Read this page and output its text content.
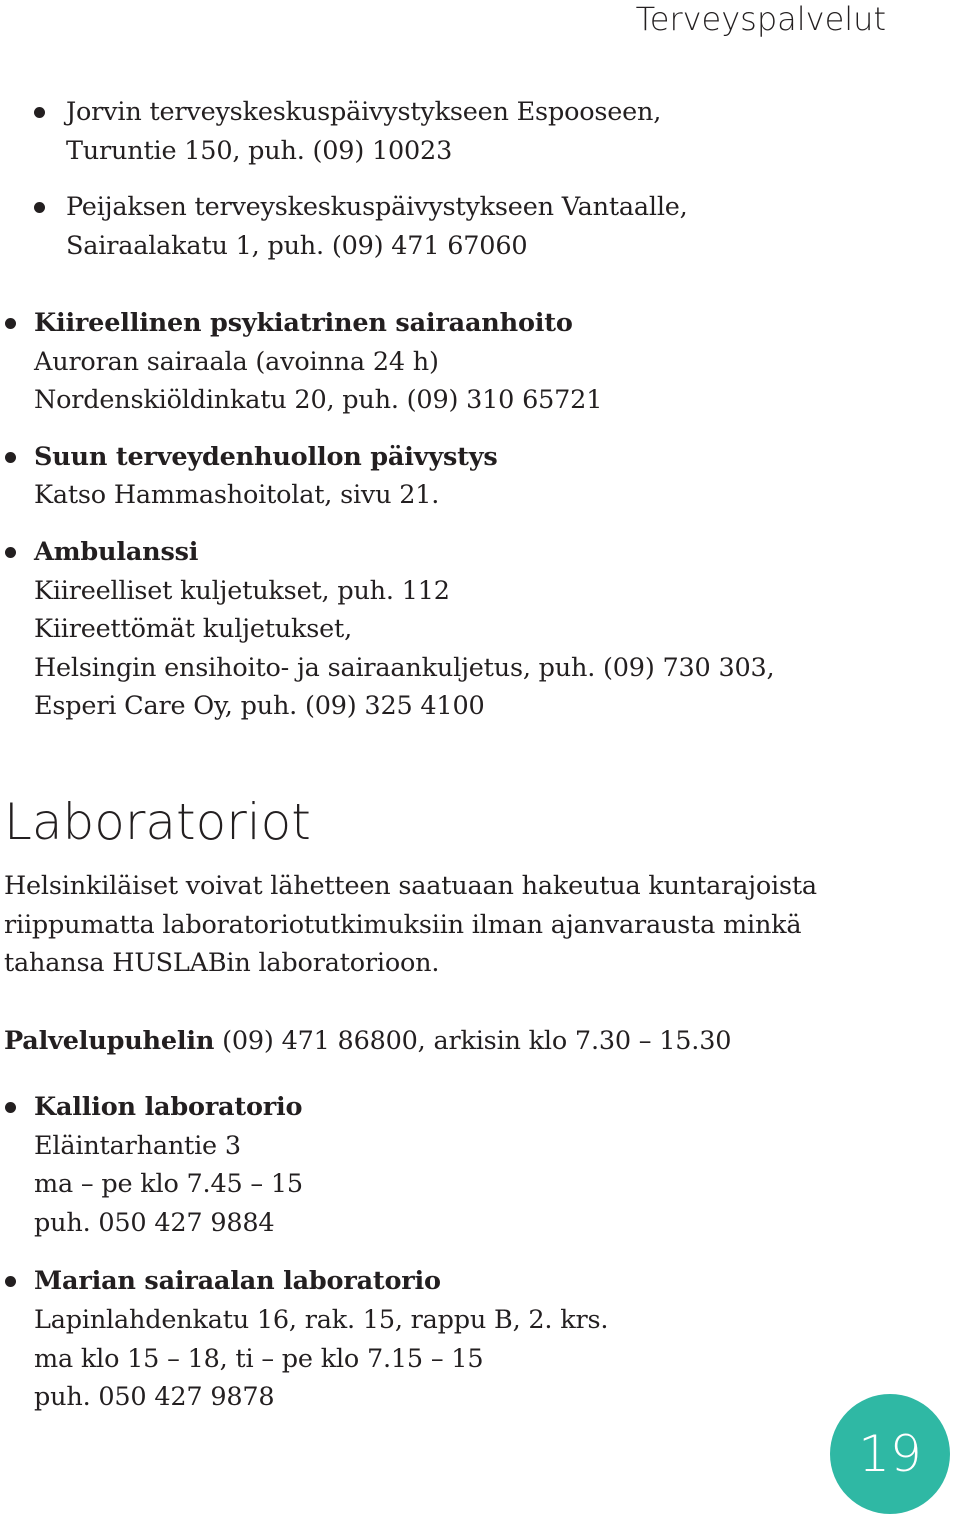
Terveyspalvelut
Jorvin terveyskeskuspäivystykseen Espooseen,
Turuntie 150, puh. (09) 10023
Peijaksen terveyskeskuspäivystykseen Vantaalle,
Sairaalakatu 1, puh. (09) 471 67060
Kiireellinen psykiatrinen sairaanhoito
Auroran sairaala (avoinna 24 h)
Nordenskiöldinkatu 20, puh. (09) 310 65721
Suun terveydenhuollon päivystys
Katso Hammashoitolat, sivu 21.
Ambulanssi
Kiireelliset kuljetukset, puh. 112
Kiireettömät kuljetukset,
Helsingin ensihoito- ja sairaankuljetus, puh. (09) 730 303,
Esperi Care Oy, puh. (09) 325 4100
Laboratoriot
Helsinkiläiset voivat lähetteen saatuaan hakeutua kuntarajoista
riippumatta laboratoriotutkimuksiin ilman ajanvarausta minkä
tahansa HUSLABin laboratorioon.
Palvelupuhelin (09) 471 86800, arkisin klo 7.30 – 15.30
Kallion laboratorio
Eläintarhantie 3
ma – pe klo 7.45 – 15
puh. 050 427 9884
Marian sairaalan laboratorio
Lapinlahdenkatu 16, rak. 15, rappu B, 2. krs.
ma klo 15 – 18, ti – pe klo 7.15 – 15
puh. 050 427 9878
19
